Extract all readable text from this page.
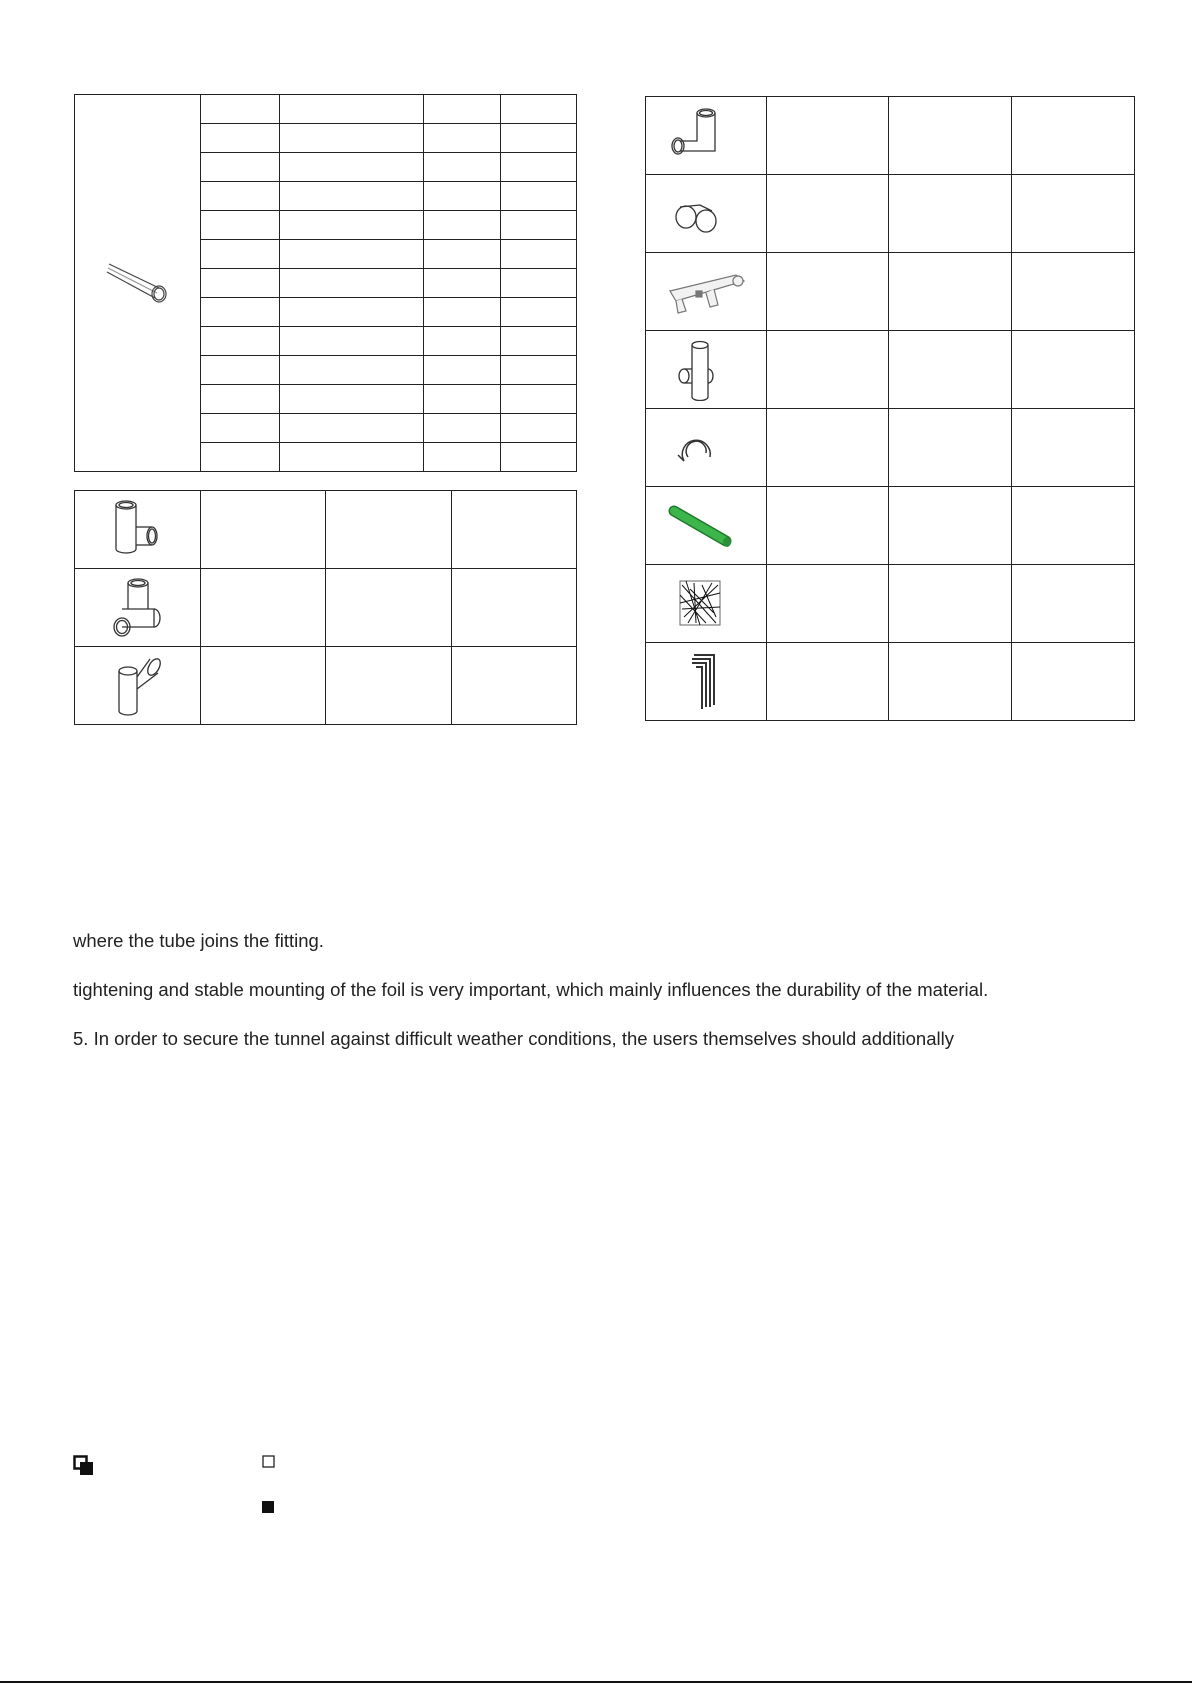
where the tube joins the fitting.
tightening and stable mounting of the foil is very important, which mainly influences the durability of the material.
5. In order to secure the tunnel against difficult weather conditions, the users themselves should additionally
